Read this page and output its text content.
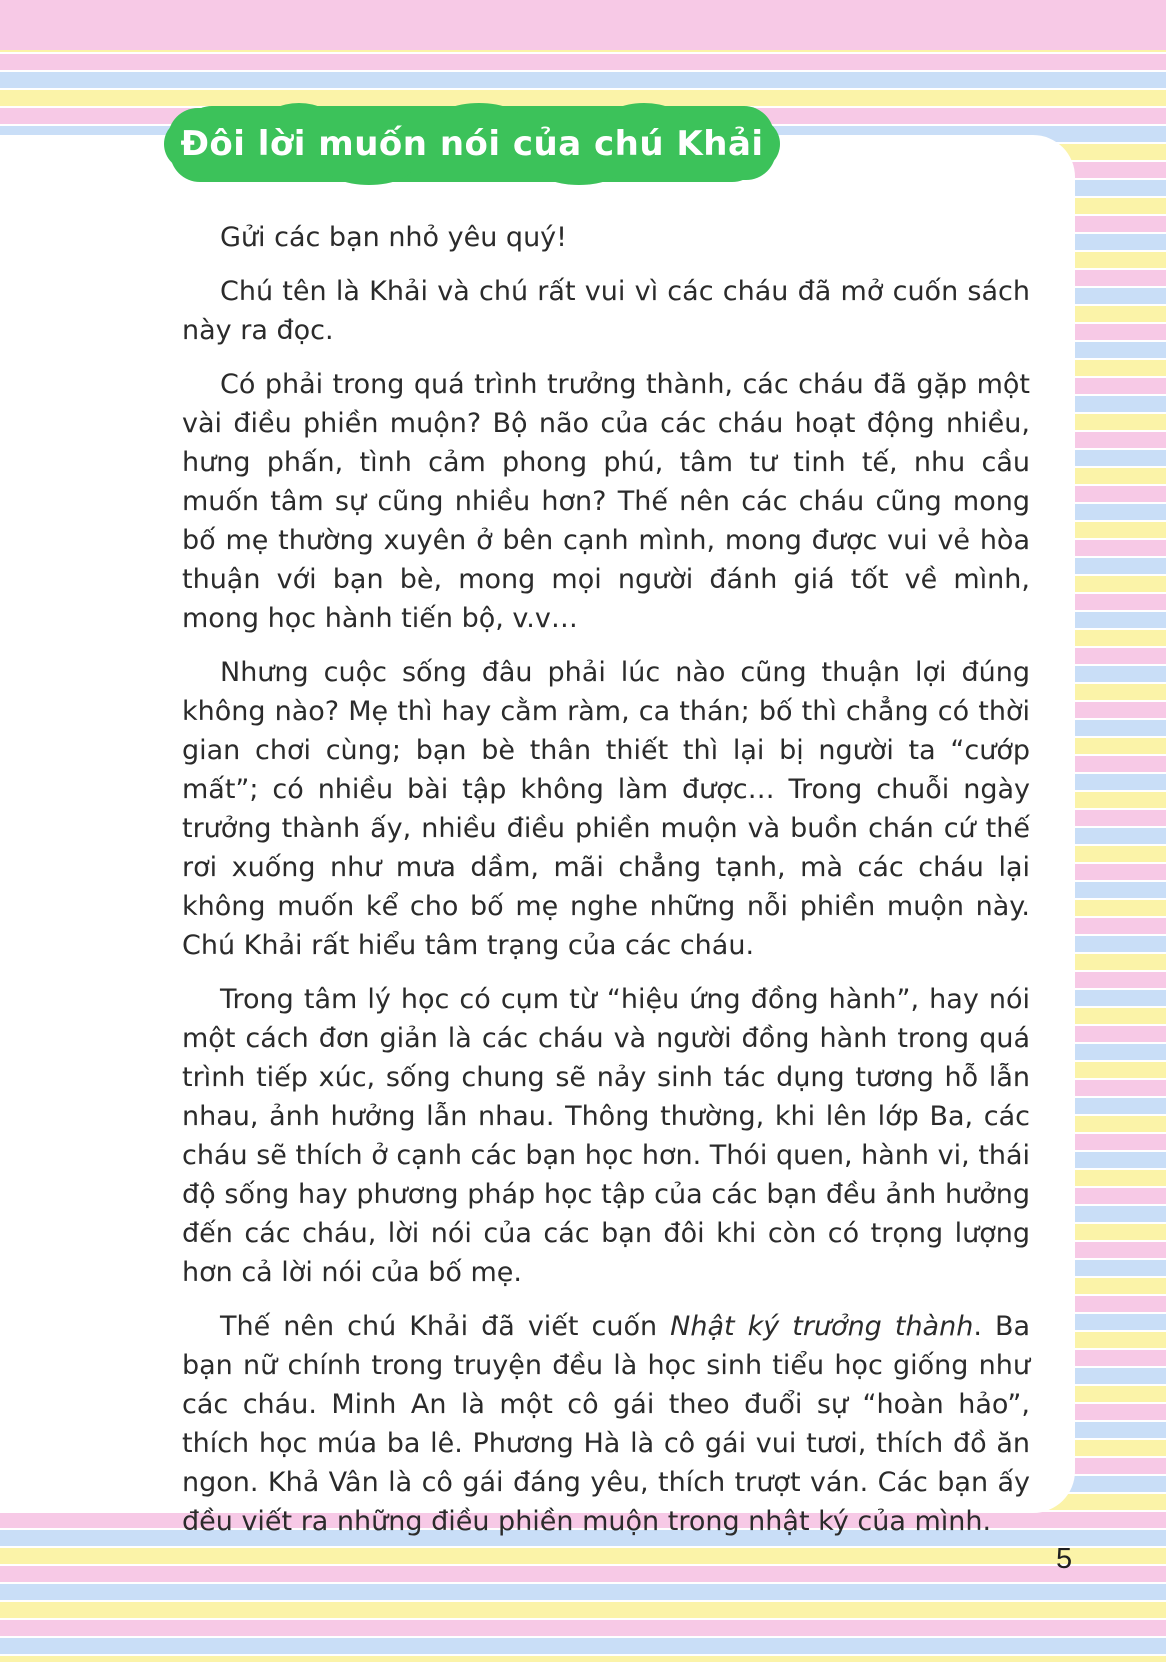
Đôi lời muốn nói của chú Khải

Gửi các bạn nhỏ yêu quý!

Chú tên là Khải và chú rất vui vì các cháu đã mở cuốn sách này ra đọc.

Có phải trong quá trình trưởng thành, các cháu đã gặp một vài điều phiền muộn? Bộ não của các cháu hoạt động nhiều, hưng phấn, tình cảm phong phú, tâm tư tinh tế, nhu cầu muốn tâm sự cũng nhiều hơn? Thế nên các cháu cũng mong bố mẹ thường xuyên ở bên cạnh mình, mong được vui vẻ hòa thuận với bạn bè, mong mọi người đánh giá tốt về mình, mong học hành tiến bộ, v.v…

Nhưng cuộc sống đâu phải lúc nào cũng thuận lợi đúng không nào? Mẹ thì hay cằm ràm, ca thán; bố thì chẳng có thời gian chơi cùng; bạn bè thân thiết thì lại bị người ta “cướp mất”; có nhiều bài tập không làm được… Trong chuỗi ngày trưởng thành ấy, nhiều điều phiền muộn và buồn chán cứ thế rơi xuống như mưa dầm, mãi chẳng tạnh, mà các cháu lại không muốn kể cho bố mẹ nghe những nỗi phiền muộn này. Chú Khải rất hiểu tâm trạng của các cháu.

Trong tâm lý học có cụm từ “hiệu ứng đồng hành”, hay nói một cách đơn giản là các cháu và người đồng hành trong quá trình tiếp xúc, sống chung sẽ nảy sinh tác dụng tương hỗ lẫn nhau, ảnh hưởng lẫn nhau. Thông thường, khi lên lớp Ba, các cháu sẽ thích ở cạnh các bạn học hơn. Thói quen, hành vi, thái độ sống hay phương pháp học tập của các bạn đều ảnh hưởng đến các cháu, lời nói của các bạn đôi khi còn có trọng lượng hơn cả lời nói của bố mẹ.

Thế nên chú Khải đã viết cuốn Nhật ký trưởng thành. Ba bạn nữ chính trong truyện đều là học sinh tiểu học giống như các cháu. Minh An là một cô gái theo đuổi sự “hoàn hảo”, thích học múa ba lê. Phương Hà là cô gái vui tươi, thích đồ ăn ngon. Khả Vân là cô gái đáng yêu, thích trượt ván. Các bạn ấy đều viết ra những điều phiền muộn trong nhật ký của mình.

5
